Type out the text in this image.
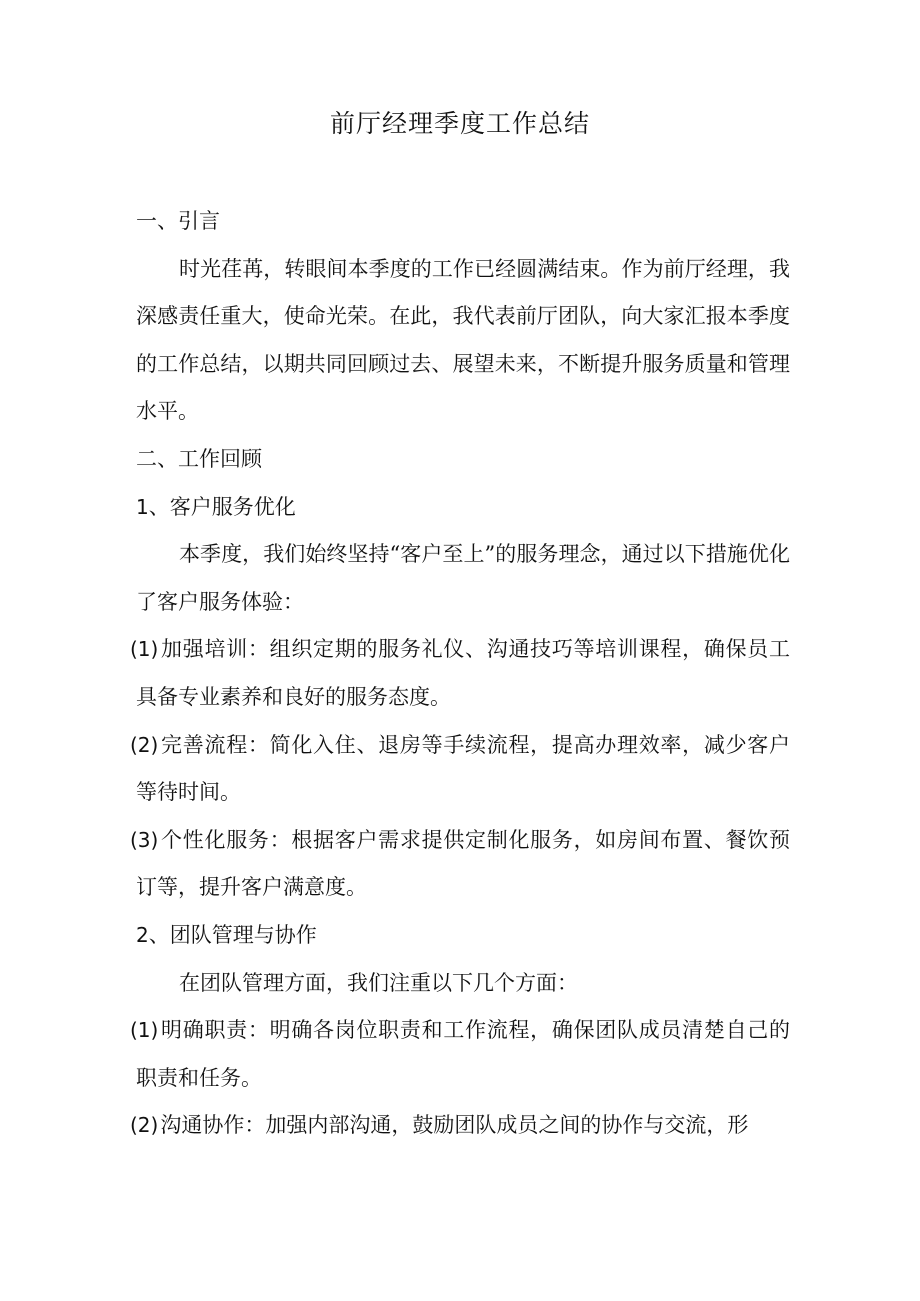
前厅经理季度工作总结

一、引言

时光荏苒，转眼间本季度的工作已经圆满结束。作为前厅经理，我深感责任重大，使命光荣。在此，我代表前厅团队，向大家汇报本季度的工作总结，以期共同回顾过去、展望未来，不断提升服务质量和管理水平。

二、工作回顾

1、客户服务优化

本季度，我们始终坚持“客户至上”的服务理念，通过以下措施优化了客户服务体验：

(1)加强培训：组织定期的服务礼仪、沟通技巧等培训课程，确保员工具备专业素养和良好的服务态度。

(2)完善流程：简化入住、退房等手续流程，提高办理效率，减少客户等待时间。

(3)个性化服务：根据客户需求提供定制化服务，如房间布置、餐饮预订等，提升客户满意度。

2、团队管理与协作

在团队管理方面，我们注重以下几个方面：

(1)明确职责：明确各岗位职责和工作流程，确保团队成员清楚自己的职责和任务。

(2)沟通协作：加强内部沟通，鼓励团队成员之间的协作与交流，形
